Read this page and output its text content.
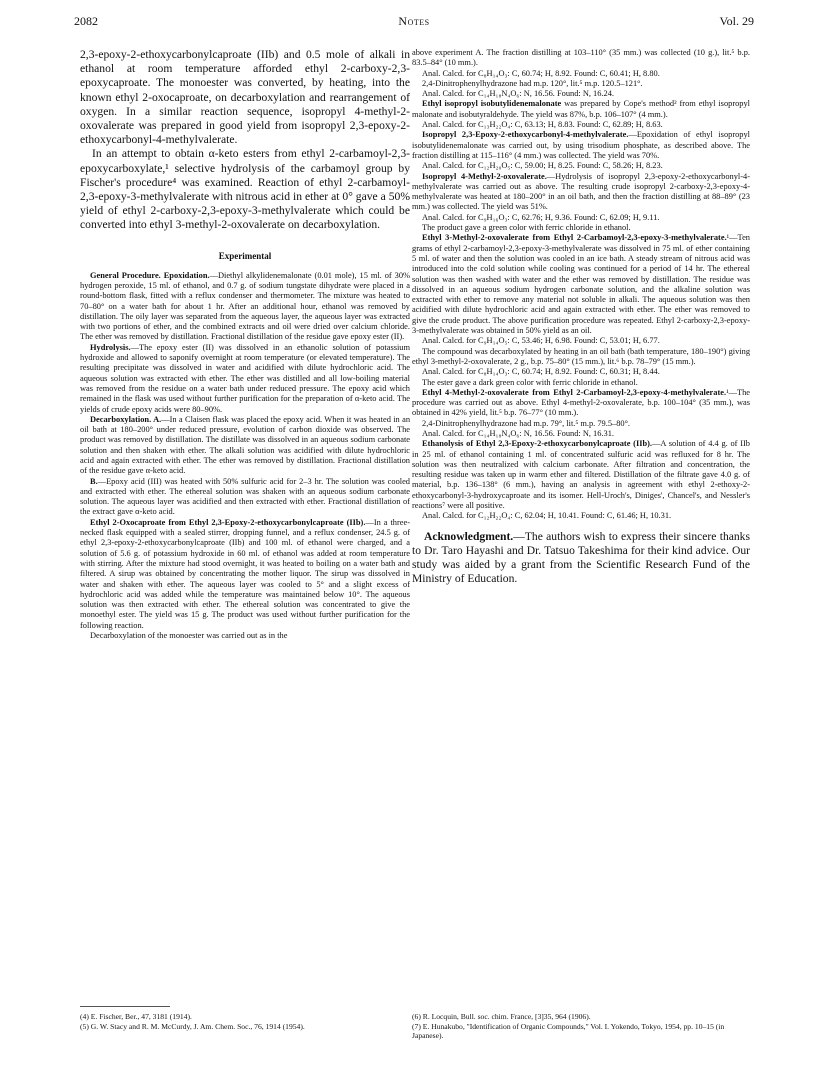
2082	Notes	Vol. 29

2,3-epoxy-2-ethoxycarbonylcaproate (IIb) and 0.5 mole of alkali in ethanol at room temperature afforded ethyl 2-carboxy-2,3-epoxycaproate. The monoester was converted, by heating, into the known ethyl 2-oxocaproate, on decarboxylation and rearrangement of oxygen. In a similar reaction sequence, isopropyl 4-methyl-2-oxovalerate was prepared in good yield from isopropyl 2,3-epoxy-2-ethoxycarbonyl-4-methylvalerate.

In an attempt to obtain α-keto esters from ethyl 2-carbamoyl-2,3-epoxycarboxylate,¹ selective hydrolysis of the carbamoyl group by Fischer's procedure⁴ was examined. Reaction of ethyl 2-carbamoyl-2,3-epoxy-3-methylvalerate with nitrous acid in ether at 0° gave a 50% yield of ethyl 2-carboxy-2,3-epoxy-3-methylvalerate which could be converted into ethyl 3-methyl-2-oxovalerate on decarboxylation.

Experimental

General Procedure. Epoxidation.—Diethyl alkylidenemalonate (0.01 mole), 15 ml. of 30% hydrogen peroxide, 15 ml. of ethanol, and 0.7 g. of sodium tungstate dihydrate were placed in a round-bottom flask, fitted with a reflux condenser and thermometer. The mixture was heated to 70–80° on a water bath for about 1 hr. After an additional hour, ethanol was removed by distillation. The oily layer was separated from the aqueous layer, the aqueous layer was extracted with two portions of ether, and the combined extracts and oil were dried over calcium chloride. The ether was removed by distillation. Fractional distillation of the residue gave epoxy ester (II).

Hydrolysis.—The epoxy ester (II) was dissolved in an ethanolic solution of potassium hydroxide and allowed to saponify overnight at room temperature (or elevated temperature). The resulting precipitate was dissolved in water and acidified with dilute hydrochloric acid. The aqueous solution was extracted with ether. The ether was distilled and all low-boiling material was removed from the residue on a water bath under reduced pressure. The epoxy acid which remained in the flask was used without further purification for the preparation of α-keto acid. The yields of crude epoxy acids were 80–90%.

Decarboxylation. A.—In a Claisen flask was placed the epoxy acid. When it was heated in an oil bath at 180–200° under reduced pressure, evolution of carbon dioxide was observed. The product was removed by distillation. The distillate was dissolved in an aqueous sodium carbonate solution and then shaken with ether. The alkali solution was acidified with dilute hydrochloric acid and again extracted with ether. The ether was removed by distillation. Fractional distillation of the residue gave α-keto acid.

B.—Epoxy acid (III) was heated with 50% sulfuric acid for 2–3 hr. The solution was cooled and extracted with ether. The ethereal solution was shaken with an aqueous sodium carbonate solution. The aqueous layer was acidified and then extracted with ether. Fractional distillation of the extract gave α-keto acid.

Ethyl 2-Oxocaproate from Ethyl 2,3-Epoxy-2-ethoxycarbonylcaproate (IIb).—In a three-necked flask equipped with a sealed stirrer, dropping funnel, and a reflux condenser, 24.5 g. of ethyl 2,3-epoxy-2-ethoxycarbonylcaproate (IIb) and 100 ml. of ethanol were charged, and a solution of 5.6 g. of potassium hydroxide in 60 ml. of ethanol was added at room temperature with stirring. After the mixture had stood overnight, it was heated to boiling on a water bath and filtered. A sirup was obtained by concentrating the mother liquor. The sirup was dissolved in water and shaken with ether. The aqueous layer was cooled to 5° and a slight excess of hydrochloric acid was added while the temperature was maintained below 10°. The aqueous solution was then extracted with ether. The ethereal solution was concentrated to give the monoethyl ester. The yield was 15 g. The product was used without further purification for the following reaction.

Decarboxylation of the monoester was carried out as in the

above experiment A. The fraction distilling at 103–110° (35 mm.) was collected (10 g.), lit.⁵ b.p. 83.5–84° (10 mm.).

Anal. Calcd. for C₈H₁₄O₃: C, 60.74; H, 8.92. Found: C, 60.41; H, 8.80.

2,4-Dinitrophenylhydrazone had m.p. 120°, lit.⁵ m.p. 120.5–121°.

Anal. Calcd. for C₁₄H₁₈N₄O₆: N, 16.56. Found: N, 16.24.

Ethyl isopropyl isobutylidenemalonate was prepared by Cope's method² from ethyl isopropyl malonate and isobutyraldehyde. The yield was 87%, b.p. 106–107° (4 mm.).

Anal. Calcd. for C₁₃H₂₂O₄: C, 63.13; H, 8.83. Found: C, 62.89; H, 8.63.

Isopropyl 2,3-Epoxy-2-ethoxycarbonyl-4-methylvalerate.—Epoxidation of ethyl isopropyl isobutylidenemalonate was carried out, by using trisodium phosphate, as described above. The fraction distilling at 115–116° (4 mm.) was collected. The yield was 70%.

Anal. Calcd. for C₁₂H₂₀O₅: C, 59.00; H, 8.25. Found: C, 58.26; H, 8.23.

Isopropyl 4-Methyl-2-oxovalerate.—Hydrolysis of isopropyl 2,3-epoxy-2-ethoxycarbonyl-4-methylvalerate was carried out as above. The resulting crude isopropyl 2-carboxy-2,3-epoxy-4-methylvalerate was heated at 180–200° in an oil bath, and then the fraction distilling at 88–89° (23 mm.) was collected. The yield was 51%.

Anal. Calcd. for C₉H₁₆O₃: C, 62.76; H, 9.36. Found: C, 62.09; H, 9.11.

The product gave a green color with ferric chloride in ethanol.

Ethyl 3-Methyl-2-oxovalerate from Ethyl 2-Carbamoyl-2,3-epoxy-3-methylvalerate.¹—Ten grams of ethyl 2-carbamoyl-2,3-epoxy-3-methylvalerate was dissolved in 75 ml. of ether containing 5 ml. of water and then the solution was cooled in an ice bath. A steady stream of nitrous acid was introduced into the cold solution while cooling was continued for a period of 14 hr. The ethereal solution was then washed with water and the ether was removed by distillation. The residue was dissolved in an aqueous sodium hydrogen carbonate solution, and the alkaline solution was extracted with ether to remove any material not soluble in alkali. The aqueous solution was then acidified with dilute hydrochloric acid and again extracted with ether. The ether was removed to give the crude product. The above purification procedure was repeated. Ethyl 2-carboxy-2,3-epoxy-3-methylvalerate was obtained in 50% yield as an oil.

Anal. Calcd. for C₉H₁₄O₅: C, 53.46; H, 6.98. Found: C, 53.01; H, 6.77.

The compound was decarboxylated by heating in an oil bath (bath temperature, 180–190°) giving ethyl 3-methyl-2-oxovalerate, 2 g., b.p. 75–80° (15 mm.), lit.⁶ b.p. 78–79° (15 mm.).

Anal. Calcd. for C₈H₁₄O₃: C, 60.74; H, 8.92. Found: C, 60.31; H, 8.44.

The ester gave a dark green color with ferric chloride in ethanol.

Ethyl 4-Methyl-2-oxovalerate from Ethyl 2-Carbamoyl-2,3-epoxy-4-methylvalerate.¹—The procedure was carried out as above. Ethyl 4-methyl-2-oxovalerate, b.p. 100–104° (35 mm.), was obtained in 42% yield, lit.⁵ b.p. 76–77° (10 mm.).

2,4-Dinitrophenylhydrazone had m.p. 79°, lit.⁵ m.p. 79.5–80°.

Anal. Calcd. for C₁₄H₁₈N₄O₆: N, 16.56. Found: N, 16.31.

Ethanolysis of Ethyl 2,3-Epoxy-2-ethoxycarbonylcaproate (IIb).—A solution of 4.4 g. of IIb in 25 ml. of ethanol containing 1 ml. of concentrated sulfuric acid was refluxed for 8 hr. The solution was then neutralized with calcium carbonate. After filtration and concentration, the resulting residue was taken up in warm ether and filtered. Distillation of the filtrate gave 4.0 g. of material, b.p. 136–138° (6 mm.), having an analysis in agreement with ethyl 2-ethoxy-2-ethoxycarbonyl-3-hydroxycaproate and its isomer. Hell-Uroch's, Diniges', Chancel's, and Nessler's reactions⁷ were all positive.

Anal. Calcd. for C₁₂H₂₂O₄: C, 62.04; H, 10.41. Found: C, 61.46; H, 10.31.

Acknowledgment.—The authors wish to express their sincere thanks to Dr. Taro Hayashi and Dr. Tatsuo Takeshima for their kind advice. Our study was aided by a grant from the Scientific Research Fund of the Ministry of Education.

(4) E. Fischer, Ber., 47, 3181 (1914).

(5) G. W. Stacy and R. M. McCurdy, J. Am. Chem. Soc., 76, 1914 (1954).

(6) R. Locquin, Bull. soc. chim. France, [3]35, 964 (1906).

(7) E. Hunakubo, "Identification of Organic Compounds," Vol. I. Yokendo, Tokyo, 1954, pp. 10–15 (in Japanese).
